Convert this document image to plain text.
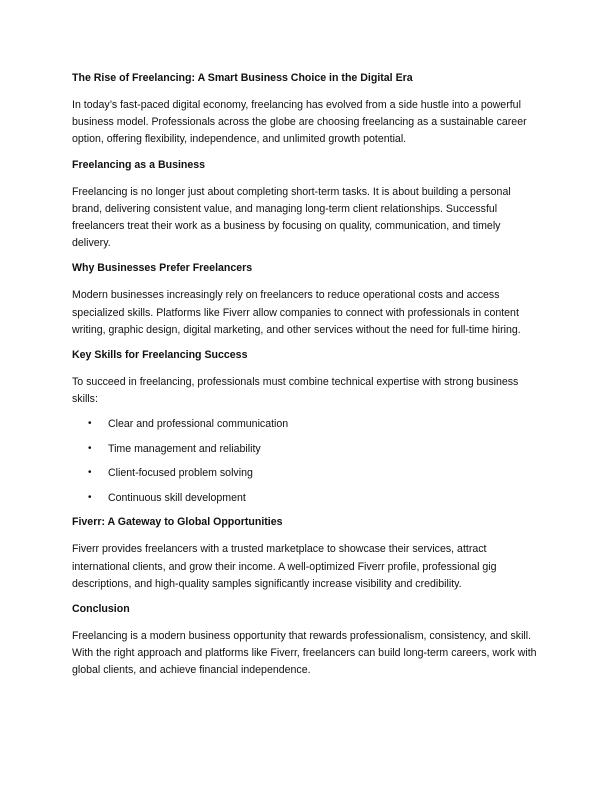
The Rise of Freelancing: A Smart Business Choice in the Digital Era

In today’s fast-paced digital economy, freelancing has evolved from a side hustle into a powerful business model. Professionals across the globe are choosing freelancing as a sustainable career option, offering flexibility, independence, and unlimited growth potential.

Freelancing as a Business

Freelancing is no longer just about completing short-term tasks. It is about building a personal brand, delivering consistent value, and managing long-term client relationships. Successful freelancers treat their work as a business by focusing on quality, communication, and timely delivery.

Why Businesses Prefer Freelancers

Modern businesses increasingly rely on freelancers to reduce operational costs and access specialized skills. Platforms like Fiverr allow companies to connect with professionals in content writing, graphic design, digital marketing, and other services without the need for full-time hiring.

Key Skills for Freelancing Success

To succeed in freelancing, professionals must combine technical expertise with strong business skills:

• Clear and professional communication
• Time management and reliability
• Client-focused problem solving
• Continuous skill development
Fiverr: A Gateway to Global Opportunities

Fiverr provides freelancers with a trusted marketplace to showcase their services, attract international clients, and grow their income. A well-optimized Fiverr profile, professional gig descriptions, and high-quality samples significantly increase visibility and credibility.

Conclusion

Freelancing is a modern business opportunity that rewards professionalism, consistency, and skill. With the right approach and platforms like Fiverr, freelancers can build long-term careers, work with global clients, and achieve financial independence.
